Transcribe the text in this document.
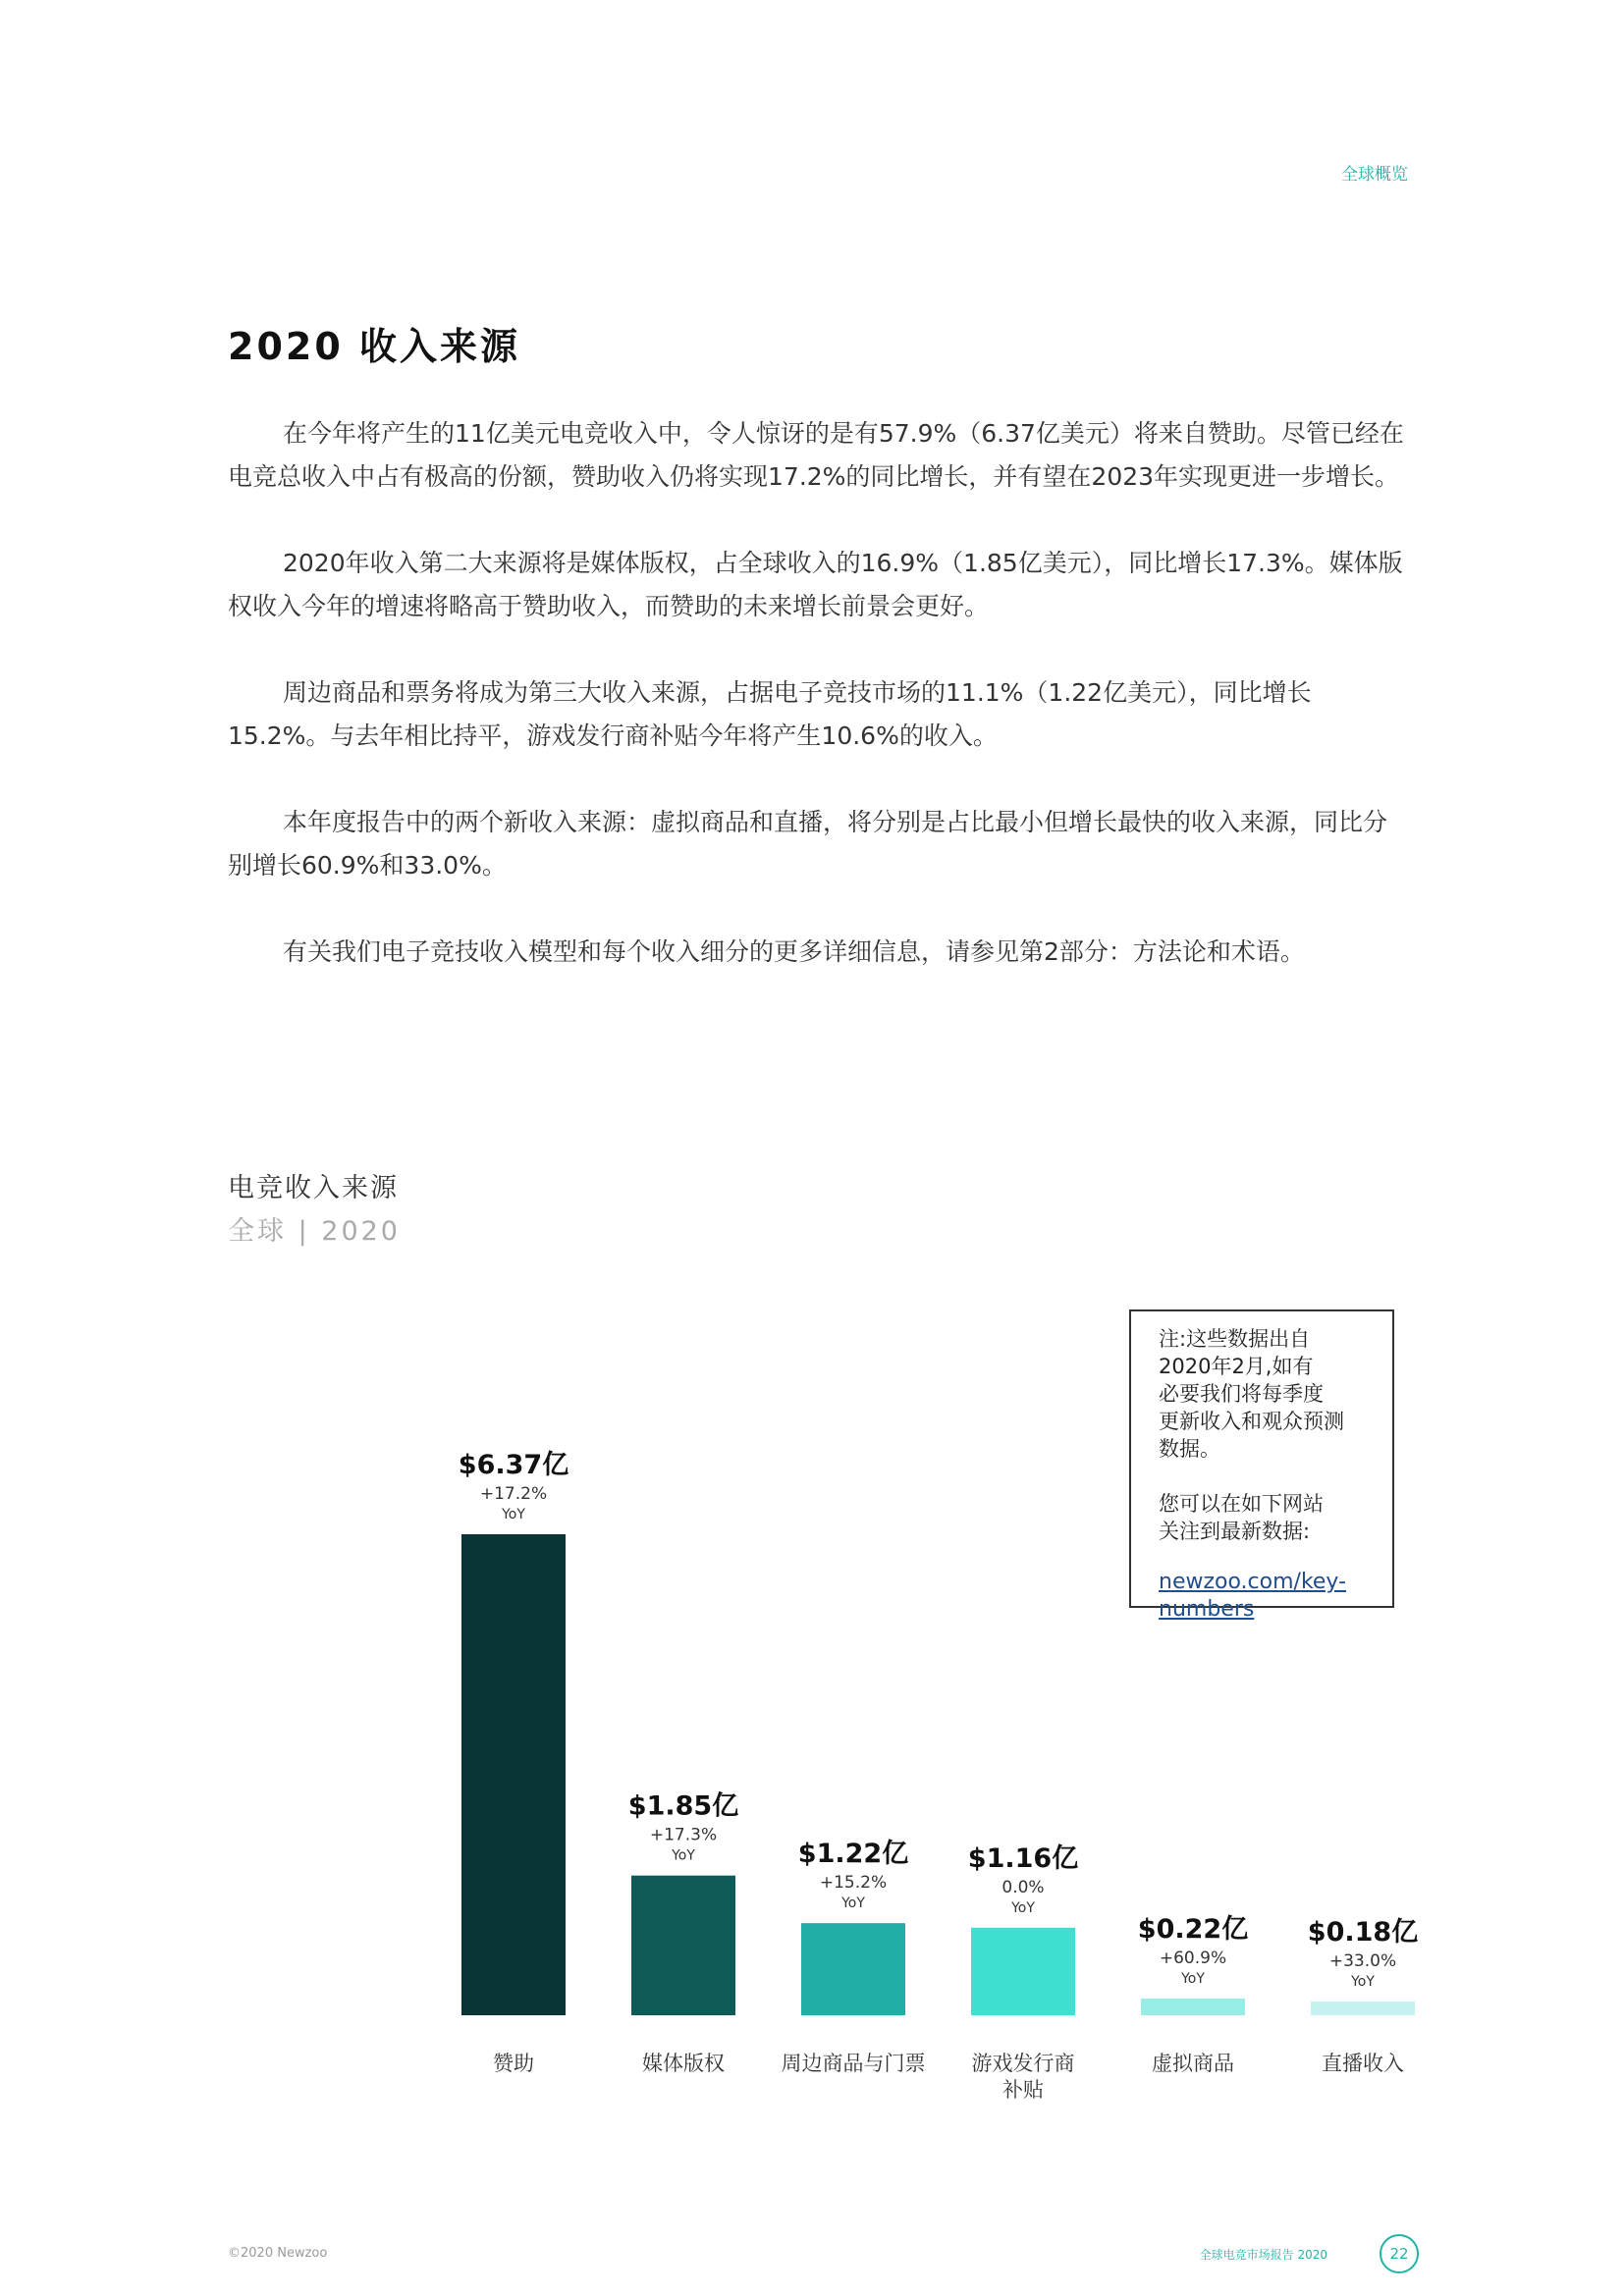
全球概览
2020 收入来源

在今年将产生的11亿美元电竞收入中，令人惊讶的是有57.9%（6.37亿美元）将来自赞助。尽管已经在电竞总收入中占有极高的份额，赞助收入仍将实现17.2%的同比增长，并有望在2023年实现更进一步增长。

2020年收入第二大来源将是媒体版权，占全球收入的16.9%（1.85亿美元），同比增长17.3%。媒体版权收入今年的增速将略高于赞助收入，而赞助的未来增长前景会更好。

周边商品和票务将成为第三大收入来源，占据电子竞技市场的11.1%（1.22亿美元），同比增长15.2%。与去年相比持平，游戏发行商补贴今年将产生10.6%的收入。

本年度报告中的两个新收入来源：虚拟商品和直播，将分别是占比最小但增长最快的收入来源，同比分别增长60.9%和33.0%。

有关我们电子竞技收入模型和每个收入细分的更多详细信息，请参见第2部分：方法论和术语。

电竞收入来源
全球 | 2020
$6.37亿
+17.2%
YoY
赞助
$1.85亿
+17.3%
YoY
媒体版权
$1.22亿
+15.2%
YoY
周边商品与门票
$1.16亿
0.0%
YoY
游戏发行商
补贴
$0.22亿
+60.9%
YoY
虚拟商品
$0.18亿
+33.0%
YoY
直播收入

注:这些数据出自

2020年2月,如有

必要我们将每季度

更新收入和观众预测

数据。

您可以在如下网站

关注到最新数据:

newzoo.com/key-
numbers
©2020 Newzoo	全球电竞市场报告 2020	22
